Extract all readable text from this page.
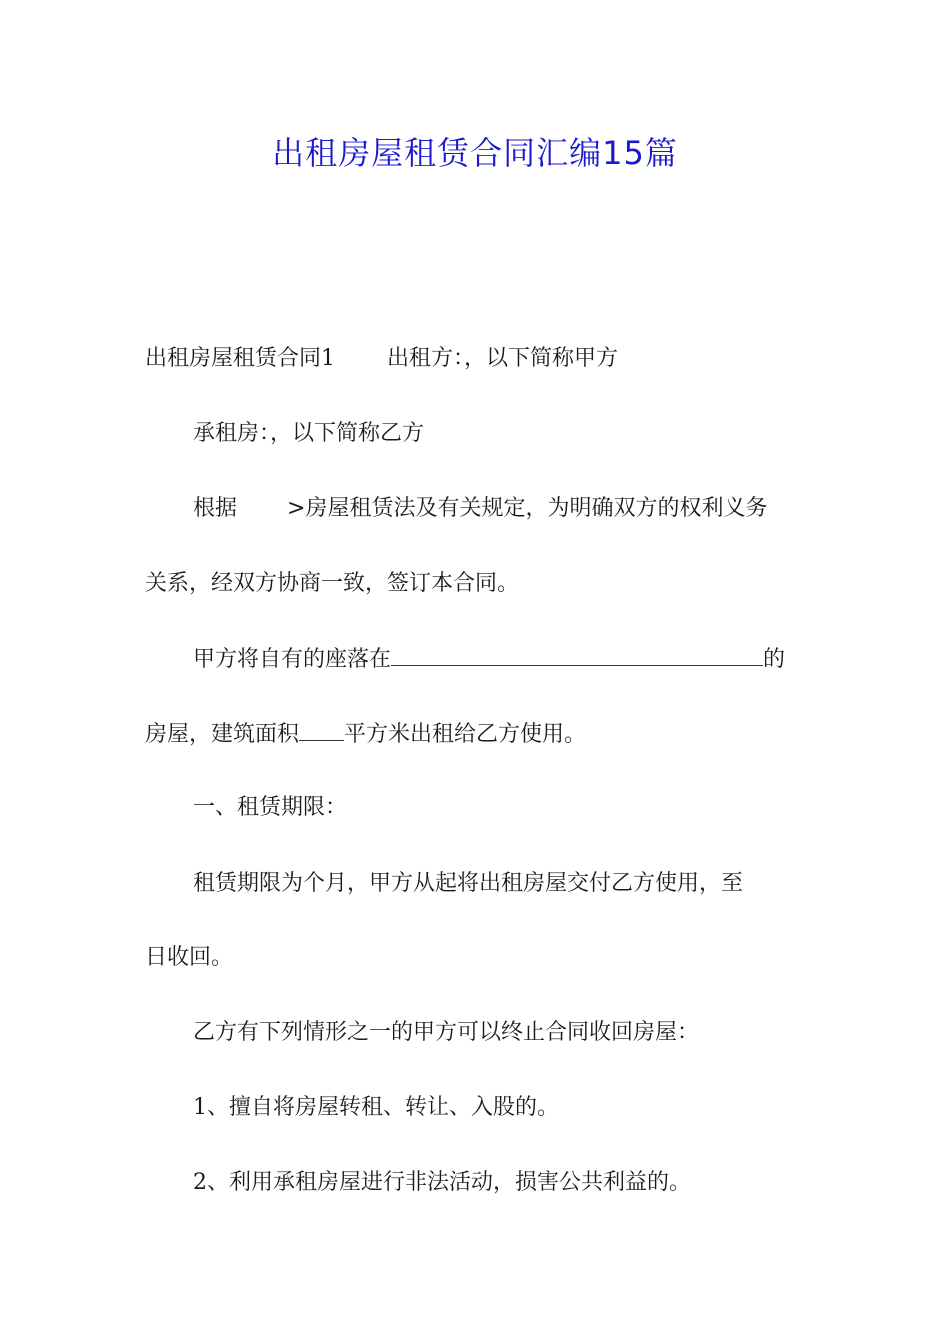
出租房屋租赁合同汇编15篇
出租房屋租赁合同1 出租方：，以下简称甲方
承租房：，以下简称乙方
根据 >房屋租赁法及有关规定，为明确双方的权利义务
关系，经双方协商一致，签订本合同。
甲方将自有的座落在	的
房屋，建筑面积 平方米出租给乙方使用。
一、租赁期限：
租赁期限为个月，甲方从起将出租房屋交付乙方使用，至
日收回。
乙方有下列情形之一的甲方可以终止合同收回房屋：
1、擅自将房屋转租、转让、入股的。
2、利用承租房屋进行非法活动，损害公共利益的。
